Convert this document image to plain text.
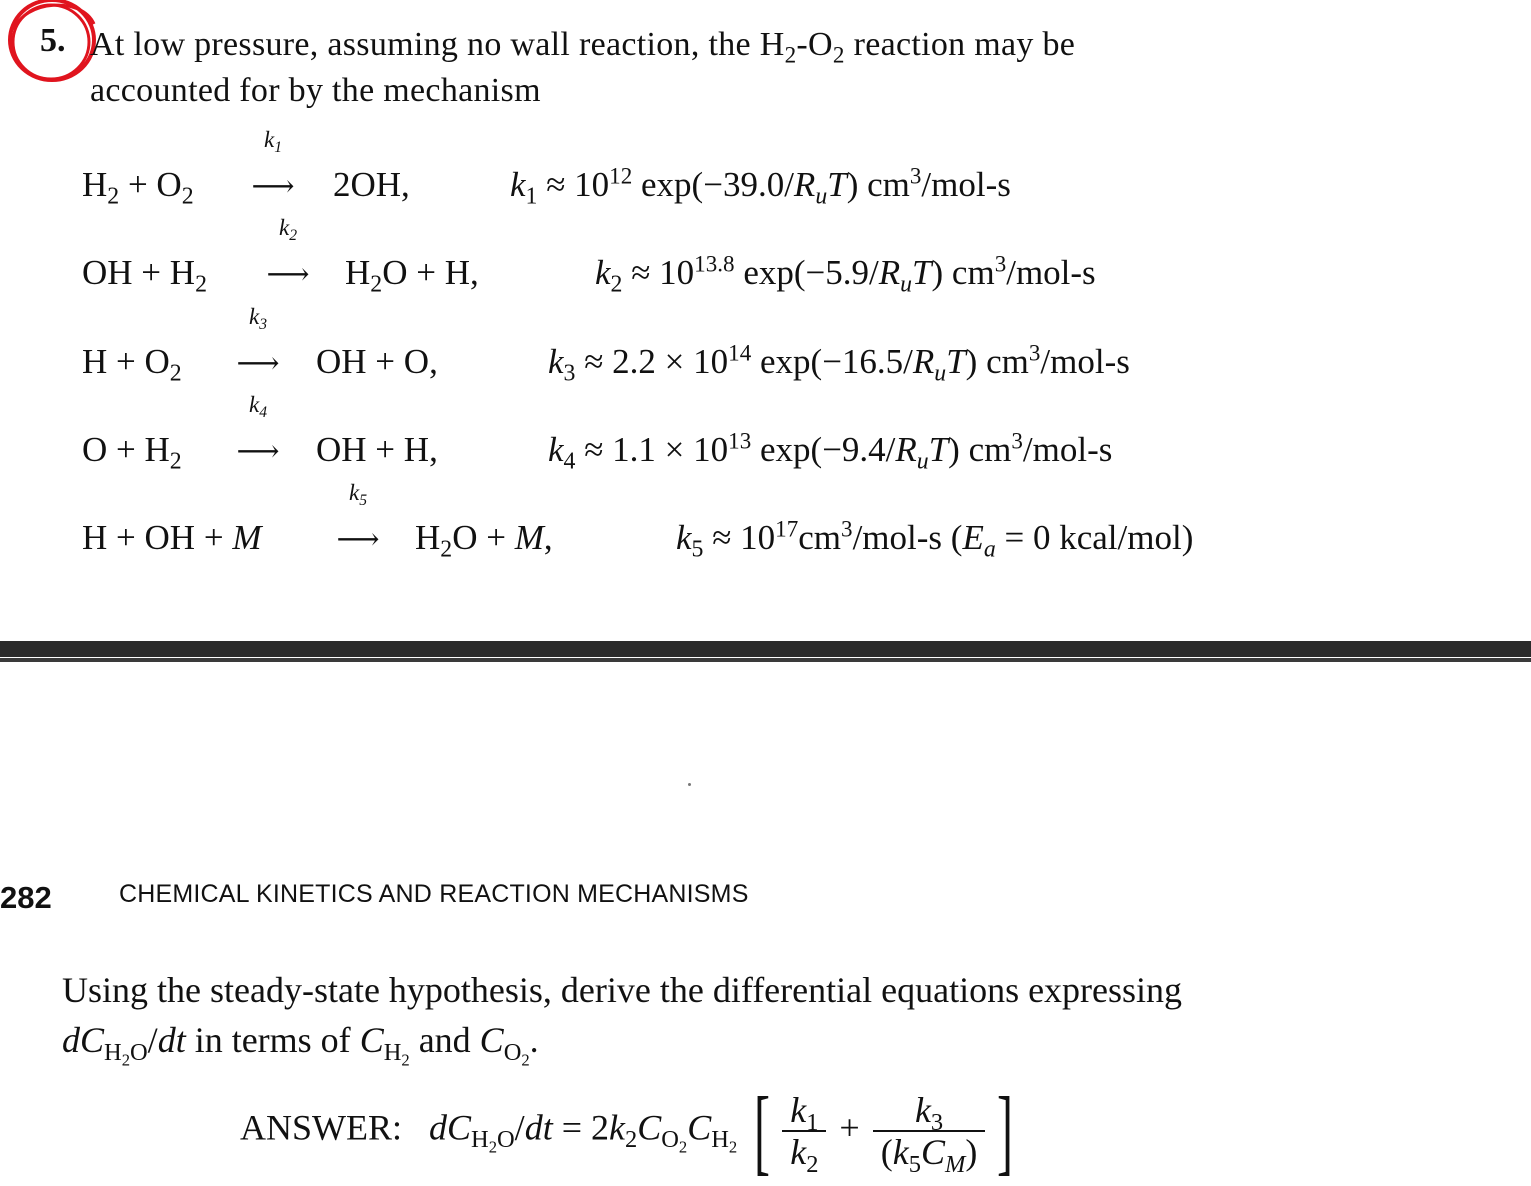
5. At low pressure, assuming no wall reaction, the $H_2-O_2$ reaction may be
accounted for by the mechanism
$H_2 + O_2$
$k_1$
⟶ 2OH,	$k_1 \approx 10^{12}$ $\exp(-39.0/R_uT)$ $cm^3/mol-s$
OH + $H_2$
$k_2$
⟶ $H_2O + H$,	$k_2 \approx 10^{13.8}$ $\exp(-5.9/R_uT)$ $cm^3/mol-s$
$H + O_2$
$k_3$
⟶ OH + O,	$k_3 \approx 2.2 \times 10^{14}$ $\exp(-16.5/R_uT)$ $cm^3/mol-s$
$O + H_2$
$k_4$
⟶ OH + H,	$k_4 \approx 1.1 \times 10^{13}$ $\exp(-9.4/R_uT)$ $cm^3/mol-s$
H + OH + M
$k_5$
⟶ $H_2O + M$,	$k_5 \approx 10^{17}cm^3/mol-s$ ($E_a = 0$ kcal/mol)
282	CHEMICAL KINETICS AND REACTION MECHANISMS
Using the steady-state hypothesis, derive the differential equations expressing
$dC_{H_2O}/dt$ in terms of $C_{H_2}$ and $C_{O_2}$.
ANSWER: $dC_{H_2O}/dt = 2k_2C_{O_2}C_{H_2}$ [ $\frac{k_1}{k_2} + \frac{k_3}{(k_5C_M)}$ ]
